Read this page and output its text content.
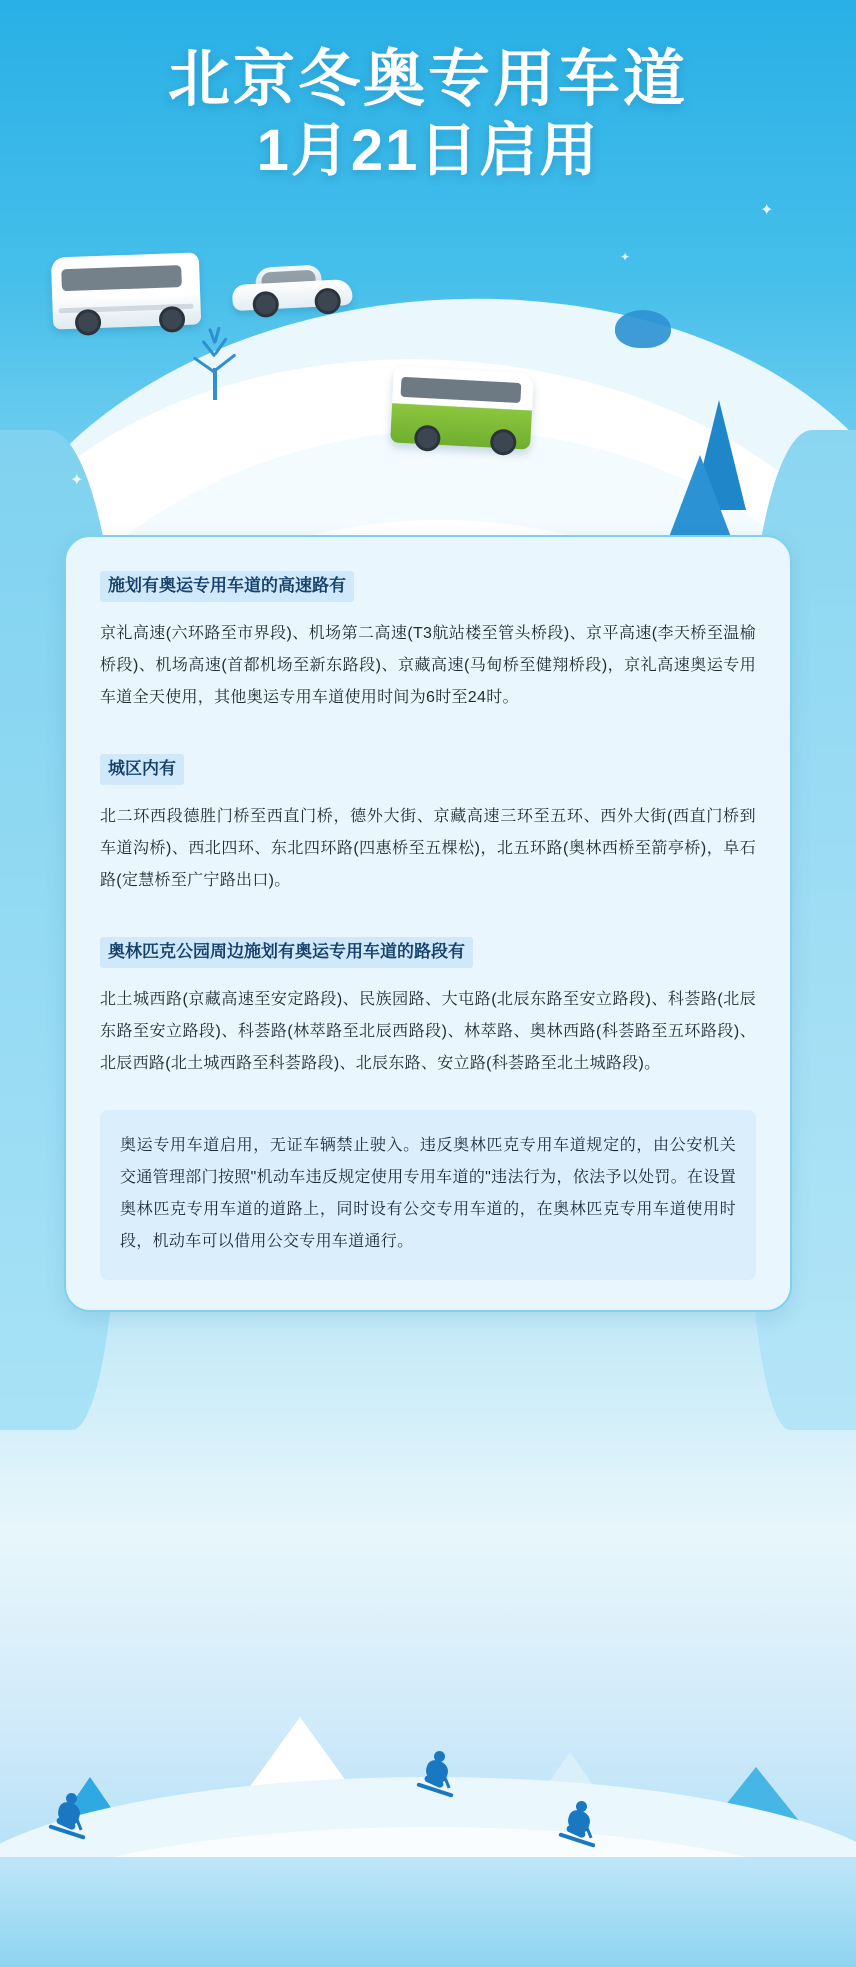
✦
✦
✦
北京冬奥专用车道
1月21日启用
施划有奥运专用车道的高速路有

京礼高速(六环路至市界段)、机场第二高速(T3航站楼至管头桥段)、京平高速(李天桥至温榆桥段)、机场高速(首都机场至新东路段)、京藏高速(马甸桥至健翔桥段)，京礼高速奥运专用车道全天使用，其他奥运专用车道使用时间为6时至24时。

城区内有

北二环西段德胜门桥至西直门桥，德外大街、京藏高速三环至五环、西外大街(西直门桥到车道沟桥)、西北四环、东北四环路(四惠桥至五棵松)，北五环路(奥林西桥至箭亭桥)，阜石路(定慧桥至广宁路出口)。

奥林匹克公园周边施划有奥运专用车道的路段有

北土城西路(京藏高速至安定路段)、民族园路、大屯路(北辰东路至安立路段)、科荟路(北辰东路至安立路段)、科荟路(林萃路至北辰西路段)、林萃路、奥林西路(科荟路至五环路段)、北辰西路(北土城西路至科荟路段)、北辰东路、安立路(科荟路至北土城路段)。

奥运专用车道启用，无证车辆禁止驶入。违反奥林匹克专用车道规定的，由公安机关交通管理部门按照"机动车违反规定使用专用车道的"违法行为，依法予以处罚。在设置奥林匹克专用车道的道路上，同时设有公交专用车道的，在奥林匹克专用车道使用时段，机动车可以借用公交专用车道通行。
